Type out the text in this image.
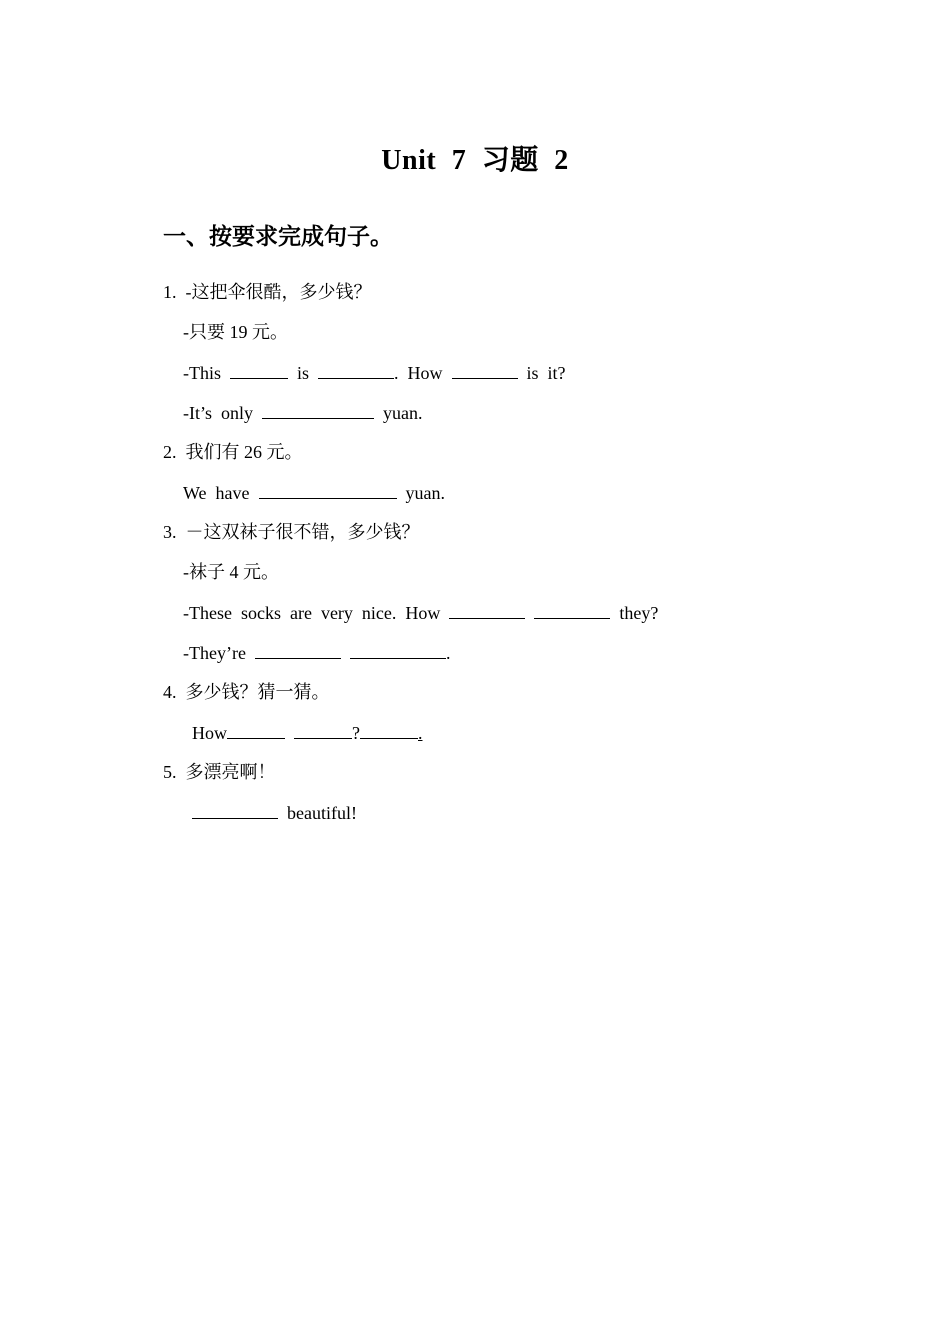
Unit 7 习题 2
一、按要求完成句子。
1.  -这把伞很酷，多少钱？
-只要 19 元。
-This	is	.  How	is  it?
-It’s  only	yuan.
2.  我们有 26 元。
We  have	yuan.
3.  －这双袜子很不错，多少钱？
-袜子 4 元。
-These  socks  are  very  nice.  How	they?
-They’re	.
4.  多少钱？猜一猜。
How	?	.
5.  多漂亮啊！
beautiful!
